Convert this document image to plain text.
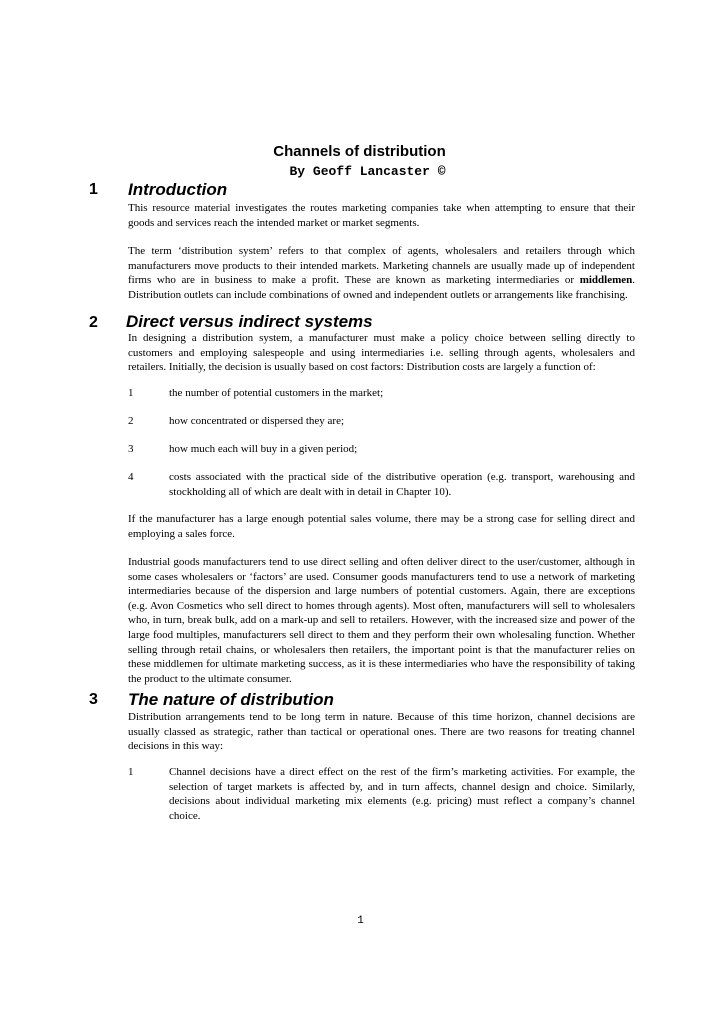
Channels of distribution
By Geoff Lancaster ©
1 Introduction
This resource material investigates the routes marketing companies take when attempting to ensure that their goods and services reach the intended market or market segments.
The term ‘distribution system’ refers to that complex of agents, wholesalers and retailers through which manufacturers move products to their intended markets. Marketing channels are usually made up of independent firms who are in business to make a profit. These are known as marketing intermediaries or middlemen. Distribution outlets can include combinations of owned and independent outlets or arrangements like franchising.
2 Direct versus indirect systems
In designing a distribution system, a manufacturer must make a policy choice between selling directly to customers and employing salespeople and using intermediaries i.e. selling through agents, wholesalers and retailers. Initially, the decision is usually based on cost factors: Distribution costs are largely a function of:
1	the number of potential customers in the market;
2	how concentrated or dispersed they are;
3	how much each will buy in a given period;
4	costs associated with the practical side of the distributive operation (e.g. transport, warehousing and stockholding all of which are dealt with in detail in Chapter 10).
If the manufacturer has a large enough potential sales volume, there may be a strong case for selling direct and employing a sales force.
Industrial goods manufacturers tend to use direct selling and often deliver direct to the user/customer, although in some cases wholesalers or ‘factors’ are used. Consumer goods manufacturers tend to use a network of marketing intermediaries because of the dispersion and large numbers of potential customers. Again, there are exceptions (e.g. Avon Cosmetics who sell direct to homes through agents). Most often, manufacturers will sell to wholesalers who, in turn, break bulk, add on a mark-up and sell to retailers. However, with the increased size and power of the large food multiples, manufacturers sell direct to them and they perform their own wholesaling function. Whether selling through retail chains, or wholesalers then retailers, the important point is that the manufacturer relies on these middlemen for ultimate marketing success, as it is these intermediaries who have the responsibility of taking the product to the ultimate consumer.
3 The nature of distribution
Distribution arrangements tend to be long term in nature. Because of this time horizon, channel decisions are usually classed as strategic, rather than tactical or operational ones. There are two reasons for treating channel decisions in this way:
1	Channel decisions have a direct effect on the rest of the firm’s marketing activities. For example, the selection of target markets is affected by, and in turn affects, channel design and choice. Similarly, decisions about individual marketing mix elements (e.g. pricing) must reflect a company’s channel choice.
1
